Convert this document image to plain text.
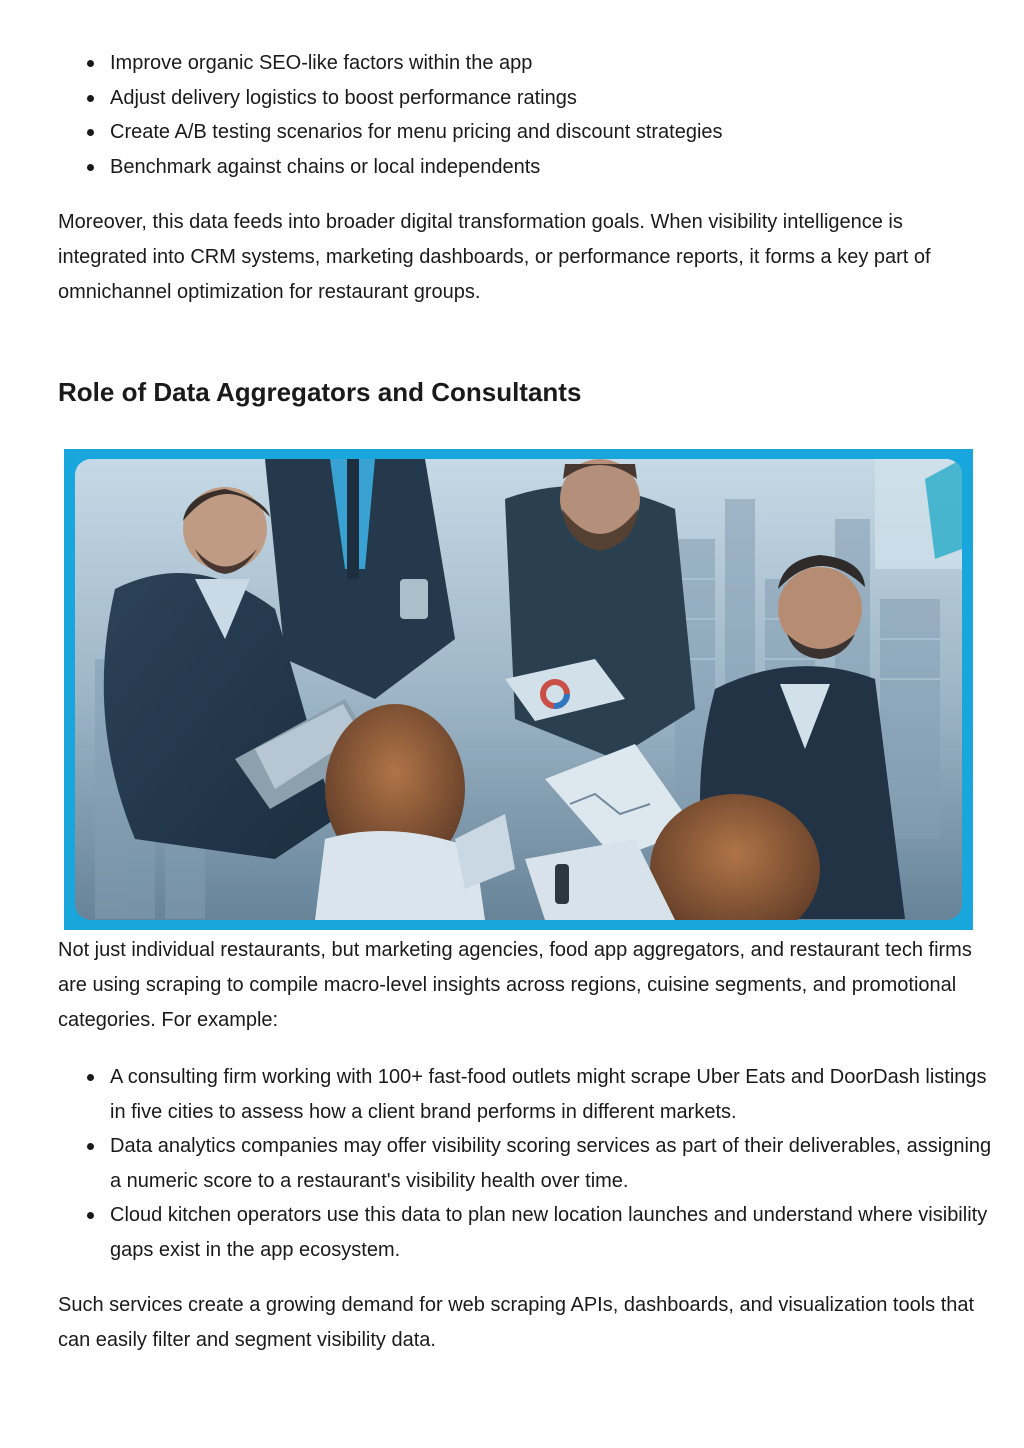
Improve organic SEO-like factors within the app
Adjust delivery logistics to boost performance ratings
Create A/B testing scenarios for menu pricing and discount strategies
Benchmark against chains or local independents

Moreover, this data feeds into broader digital transformation goals. When visibility intelligence is integrated into CRM systems, marketing dashboards, or performance reports, it forms a key part of omnichannel optimization for restaurant groups.

Role of Data Aggregators and Consultants

Not just individual restaurants, but marketing agencies, food app aggregators, and restaurant tech firms are using scraping to compile macro-level insights across regions, cuisine segments, and promotional categories. For example:

A consulting firm working with 100+ fast-food outlets might scrape Uber Eats and DoorDash listings in five cities to assess how a client brand performs in different markets.
Data analytics companies may offer visibility scoring services as part of their deliverables, assigning a numeric score to a restaurant's visibility health over time.
Cloud kitchen operators use this data to plan new location launches and understand where visibility gaps exist in the app ecosystem.

Such services create a growing demand for web scraping APIs, dashboards, and visualization tools that can easily filter and segment visibility data.
